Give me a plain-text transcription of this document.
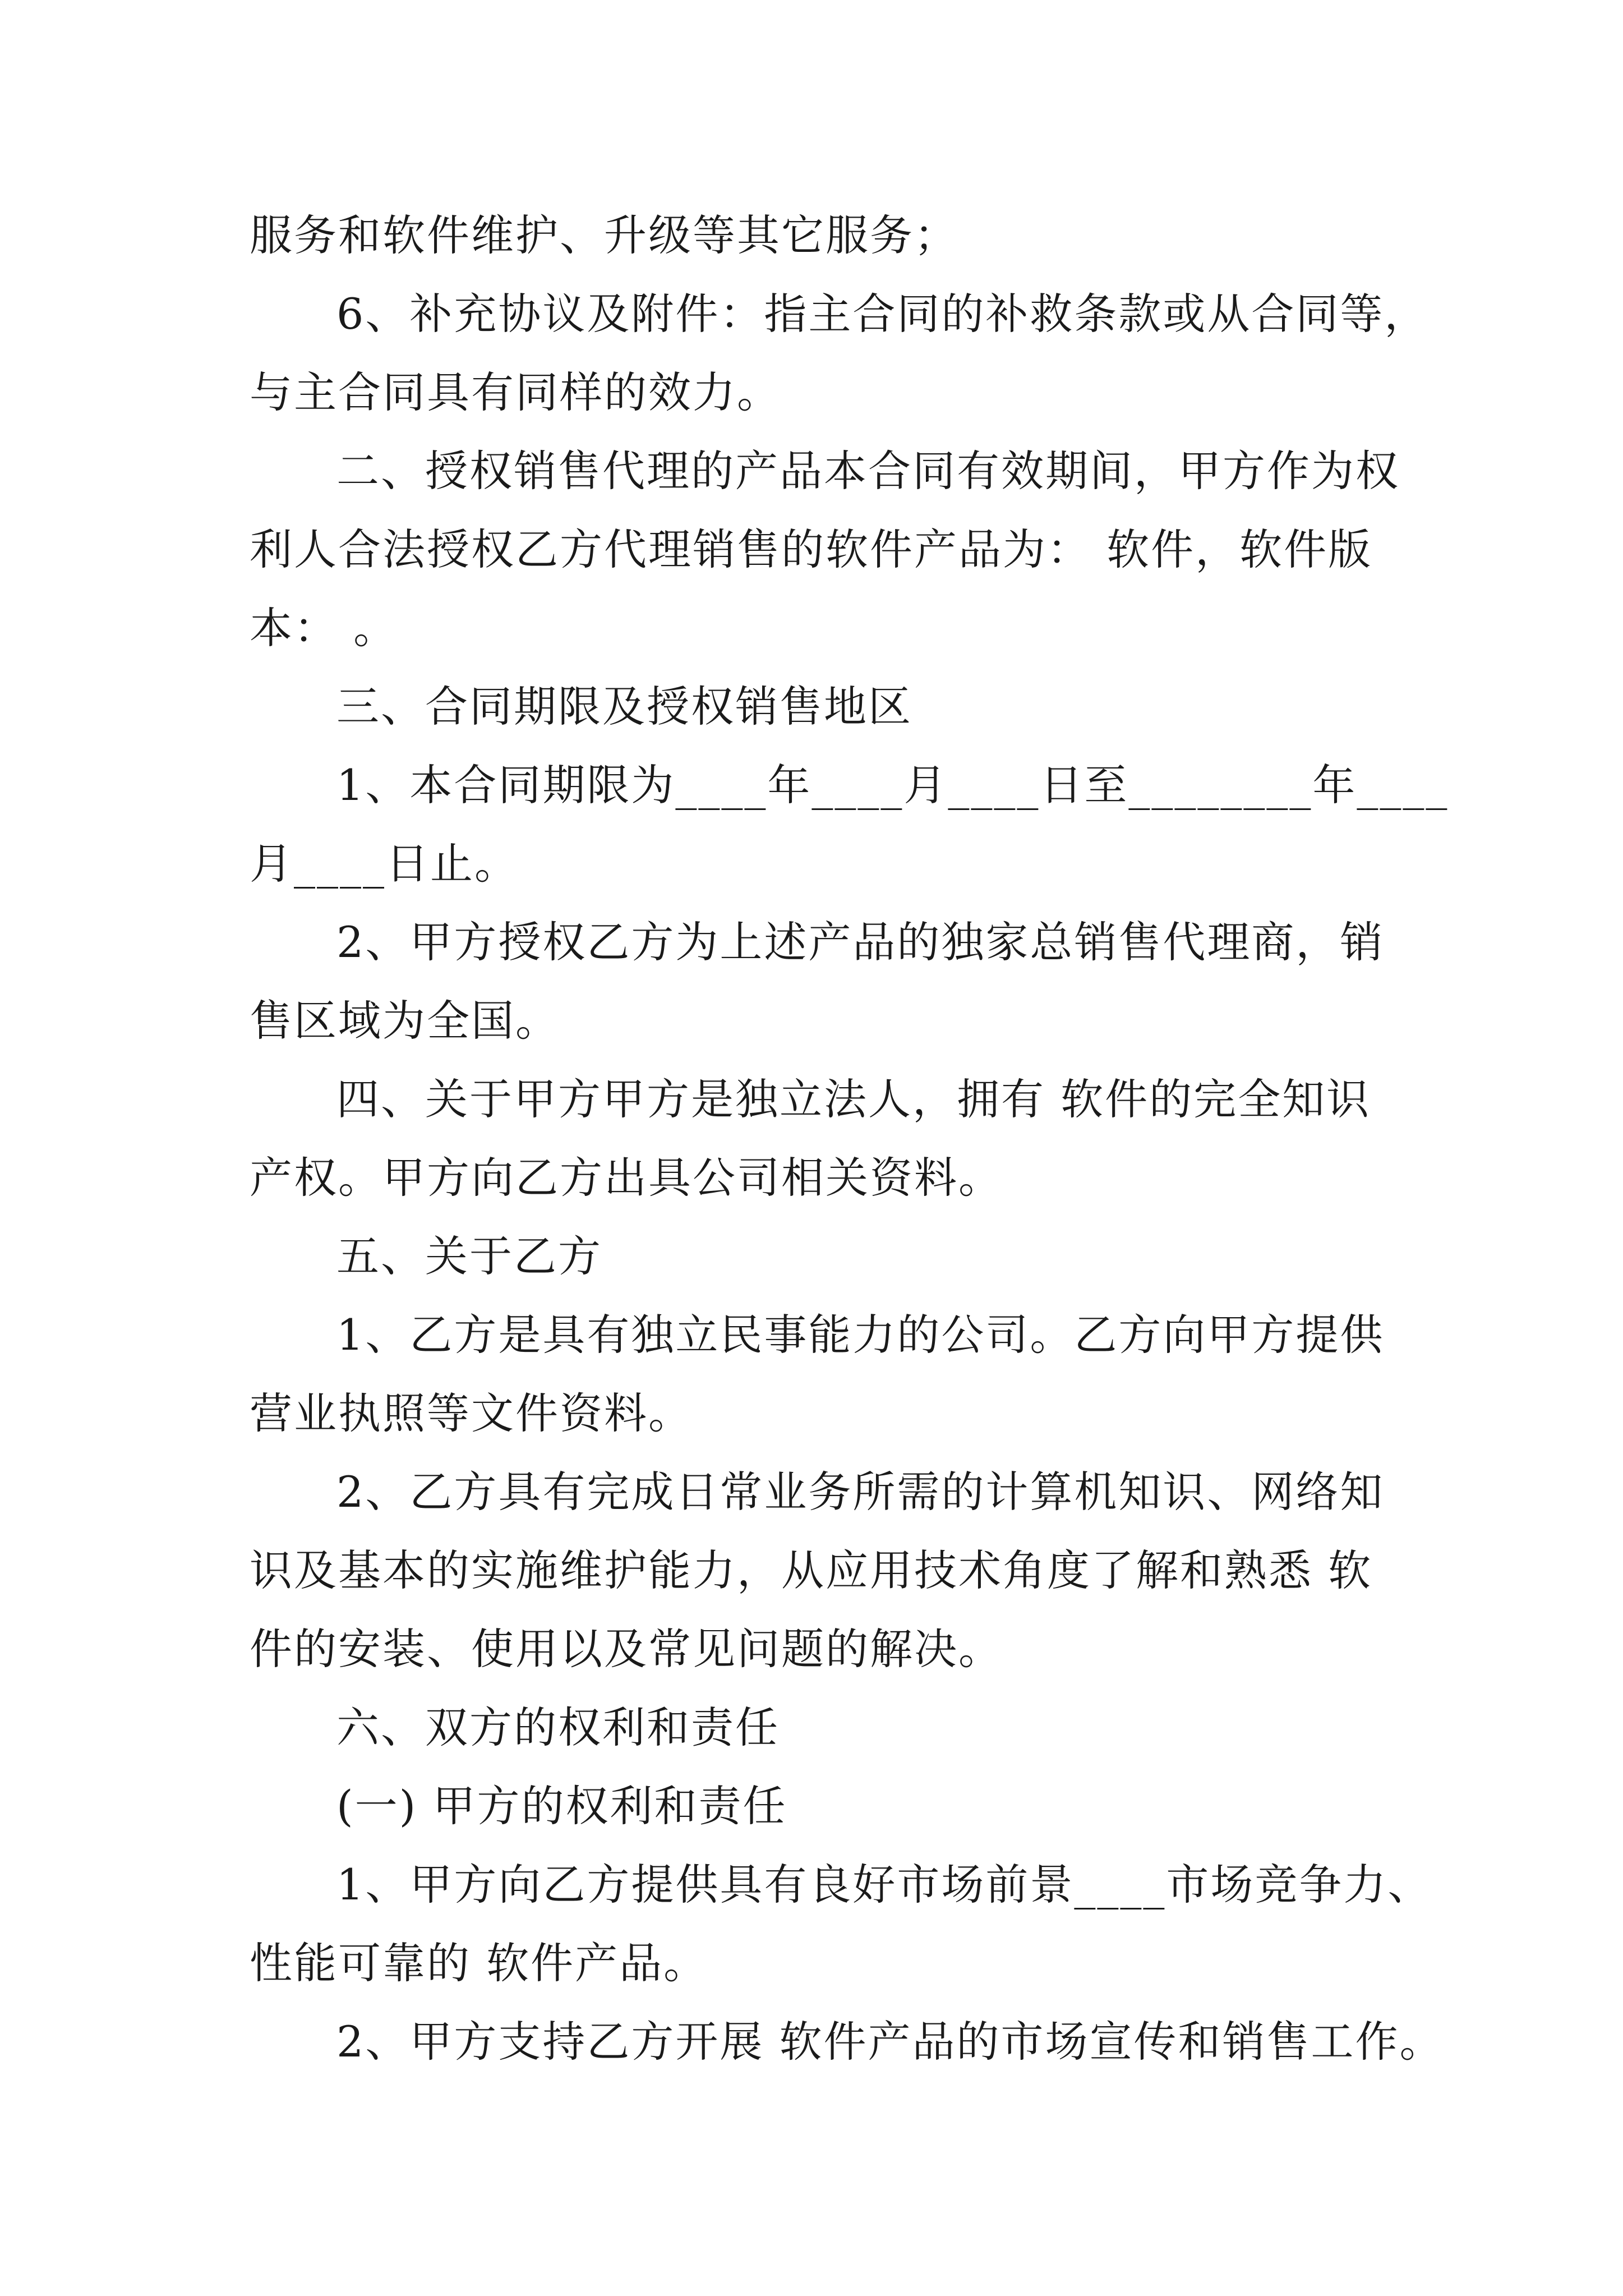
服务和软件维护、升级等其它服务；
6、补充协议及附件：指主合同的补救条款或从合同等，
与主合同具有同样的效力。
二、授权销售代理的产品本合同有效期间，甲方作为权
利人合法授权乙方代理销售的软件产品为： 软件，软件版
本： 。
三、合同期限及授权销售地区
1、本合同期限为____年____月____日至________年____
月____日止。
2、甲方授权乙方为上述产品的独家总销售代理商，销
售区域为全国。
四、关于甲方甲方是独立法人，拥有 软件的完全知识
产权。甲方向乙方出具公司相关资料。
五、关于乙方
1、乙方是具有独立民事能力的公司。乙方向甲方提供
营业执照等文件资料。
2、乙方具有完成日常业务所需的计算机知识、网络知
识及基本的实施维护能力，从应用技术角度了解和熟悉 软
件的安装、使用以及常见问题的解决。
六、双方的权利和责任
(一) 甲方的权利和责任
1、甲方向乙方提供具有良好市场前景____市场竞争力、
性能可靠的 软件产品。
2、甲方支持乙方开展 软件产品的市场宣传和销售工作。
